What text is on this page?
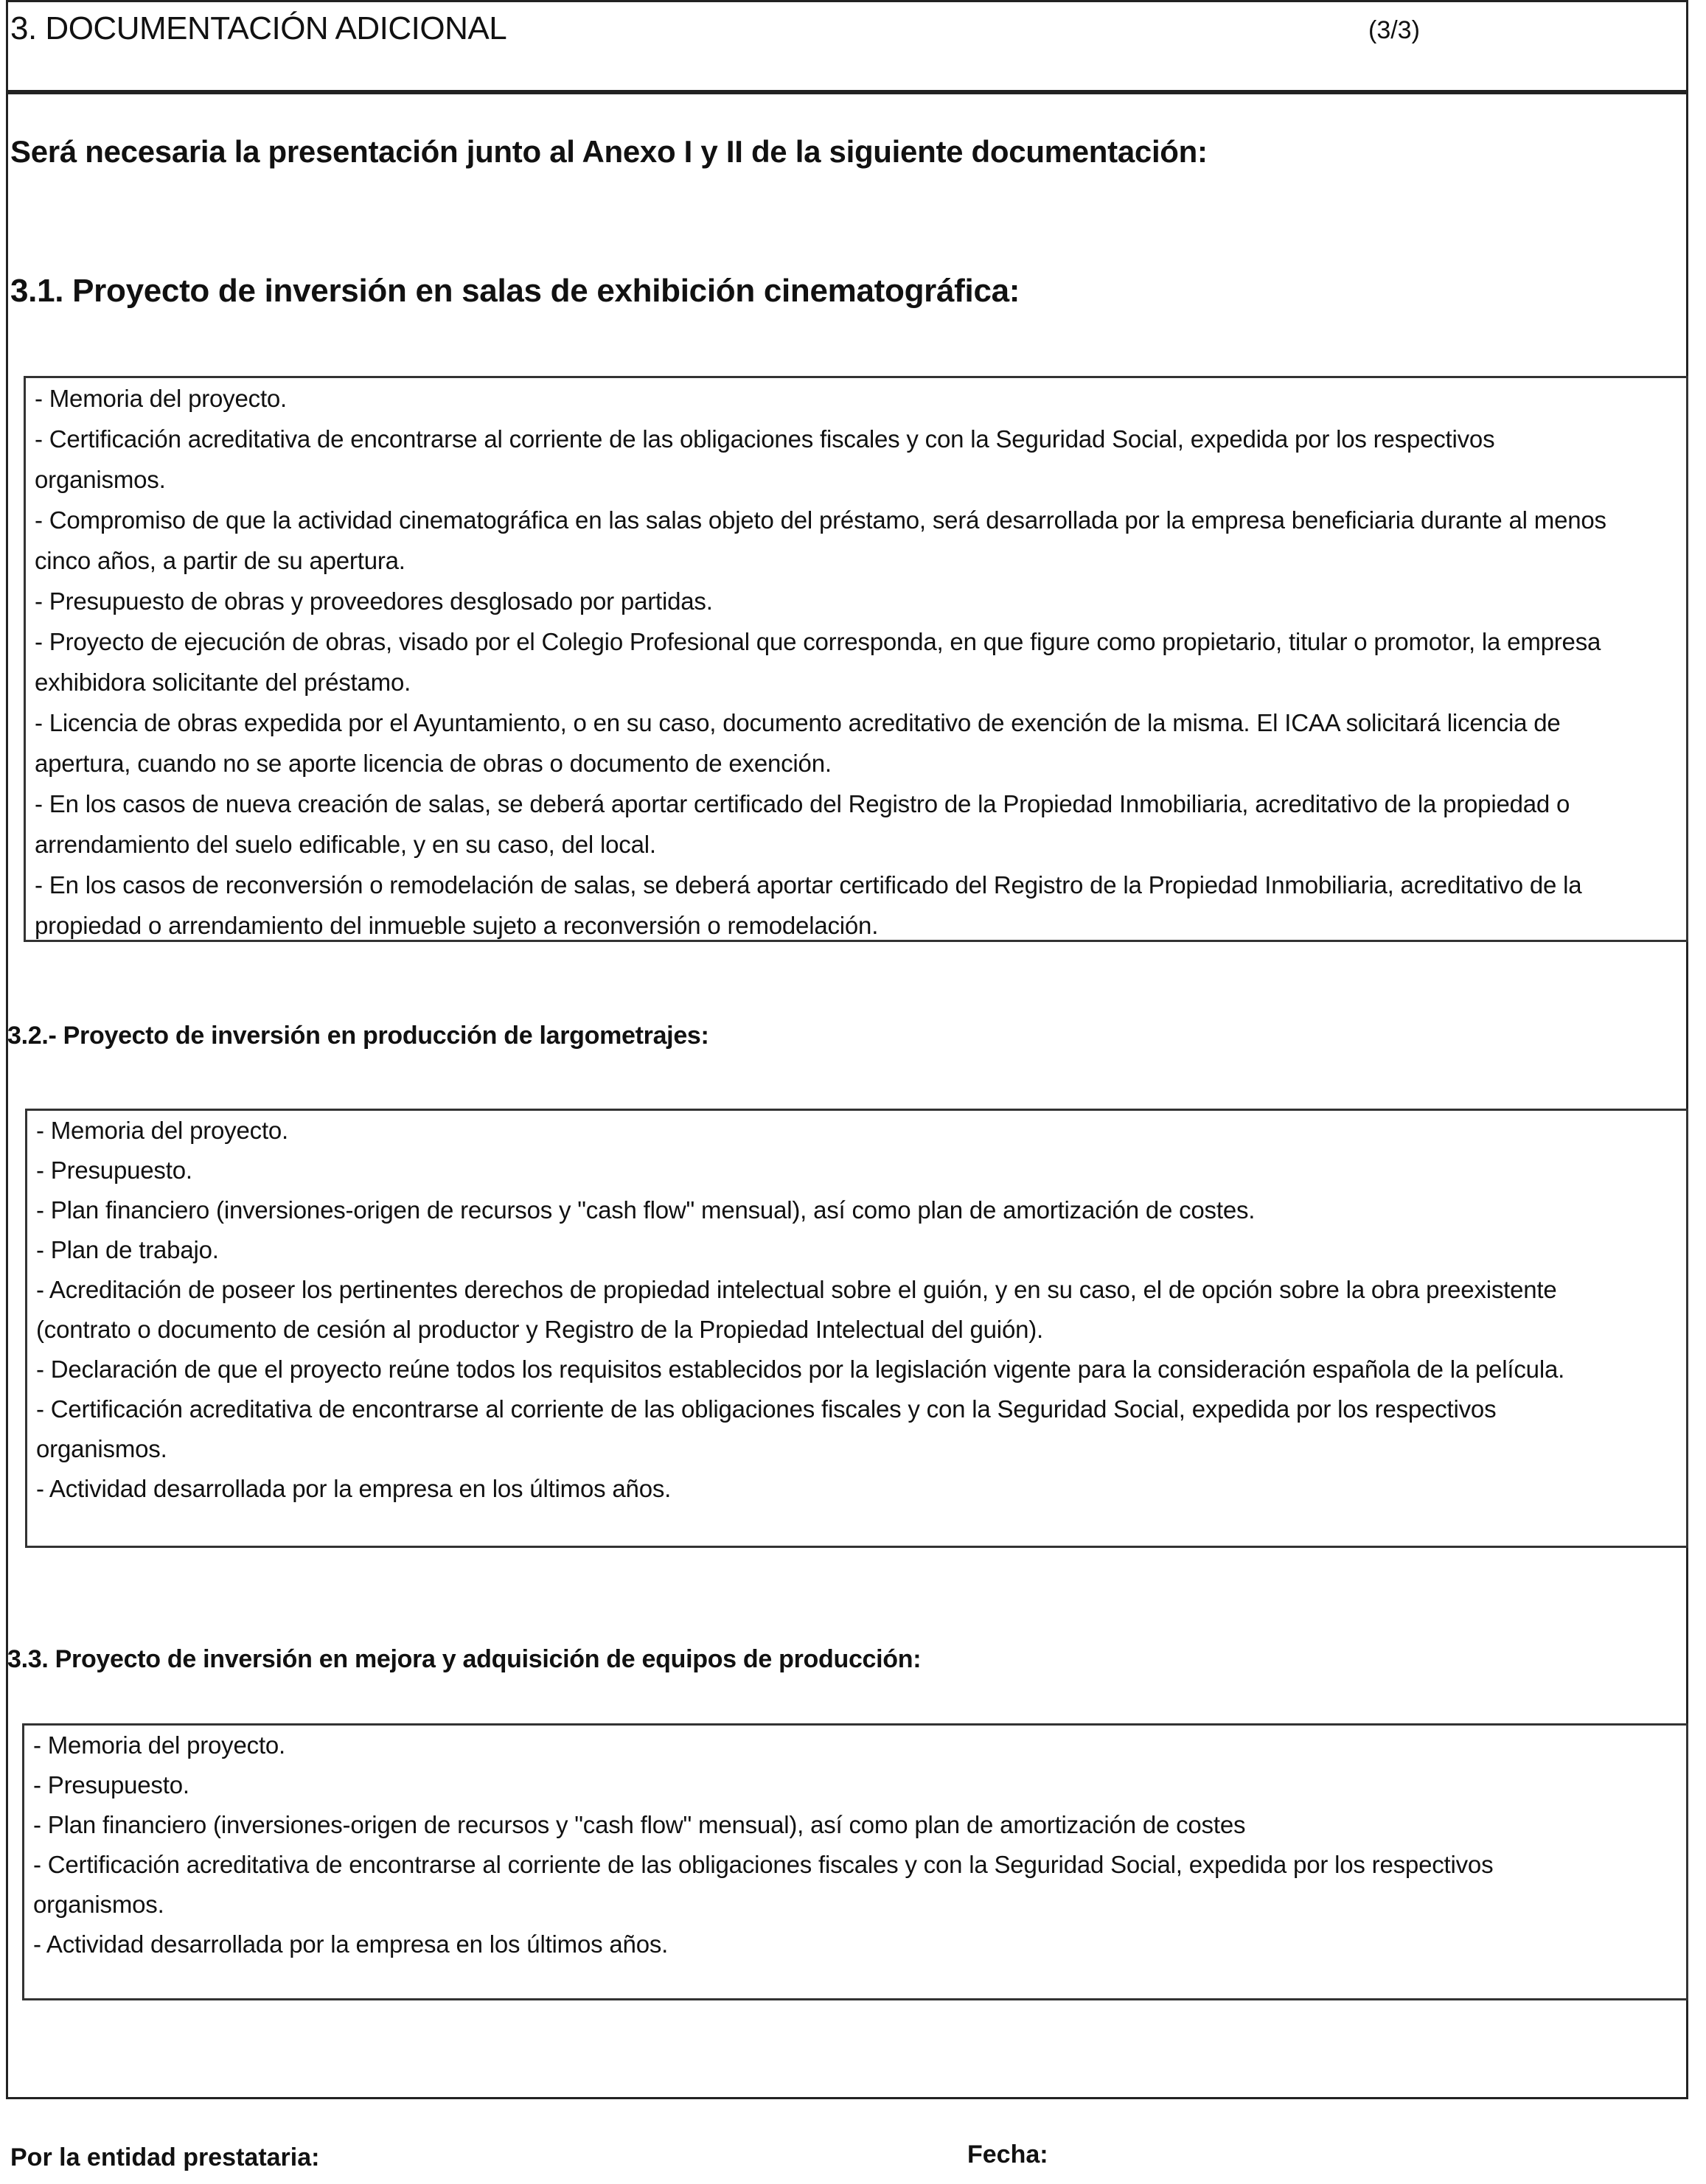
3. DOCUMENTACIÓN ADICIONAL	(3/3)
Será necesaria la presentación junto al Anexo I y II de la siguiente documentación:
3.1. Proyecto de inversión en salas de exhibición cinematográfica:

- Memoria del proyecto.

- Certificación acreditativa de encontrarse al corriente de las obligaciones fiscales y con la Seguridad Social, expedida por los respectivos

organismos.

- Compromiso de que la actividad cinematográfica en las salas objeto del préstamo, será desarrollada por la empresa beneficiaria durante al menos

cinco años, a partir de su apertura.

- Presupuesto de obras y proveedores desglosado por partidas.

- Proyecto de ejecución de obras, visado por el Colegio Profesional que corresponda, en que figure como propietario, titular o promotor, la empresa

exhibidora solicitante del préstamo.

- Licencia de obras expedida por el Ayuntamiento, o en su caso, documento acreditativo de exención de la misma. El ICAA solicitará licencia de

apertura, cuando no se aporte licencia de obras o documento de exención.

- En los casos de nueva creación de salas, se deberá aportar certificado del Registro de la Propiedad Inmobiliaria, acreditativo de la propiedad o

arrendamiento del suelo edificable, y en su caso, del local.

- En los casos de reconversión o remodelación de salas, se deberá aportar certificado del Registro de la Propiedad Inmobiliaria, acreditativo de la

propiedad o arrendamiento del inmueble sujeto a reconversión o remodelación.

3.2.- Proyecto de inversión en producción de largometrajes:

- Memoria del proyecto.

- Presupuesto.

- Plan financiero (inversiones-origen de recursos y "cash flow" mensual), así como plan de amortización de costes.

- Plan de trabajo.

- Acreditación de poseer los pertinentes derechos de propiedad intelectual sobre el guión, y en su caso, el de opción sobre la obra preexistente

(contrato o documento de cesión al productor y Registro de la Propiedad Intelectual del guión).

- Declaración de que el proyecto reúne todos los requisitos establecidos por la legislación vigente para la consideración española de la película.

- Certificación acreditativa de encontrarse al corriente de las obligaciones fiscales y con la Seguridad Social, expedida por los respectivos

organismos.

- Actividad desarrollada por la empresa en los últimos años.

3.3. Proyecto de inversión en mejora y adquisición de equipos de producción:

- Memoria del proyecto.

- Presupuesto.

- Plan financiero (inversiones-origen de recursos y "cash flow" mensual), así como plan de amortización de costes

- Certificación acreditativa de encontrarse al corriente de las obligaciones fiscales y con la Seguridad Social, expedida por los respectivos

organismos.

- Actividad desarrollada por la empresa en los últimos años.

Por la entidad prestataria:	Fecha:
